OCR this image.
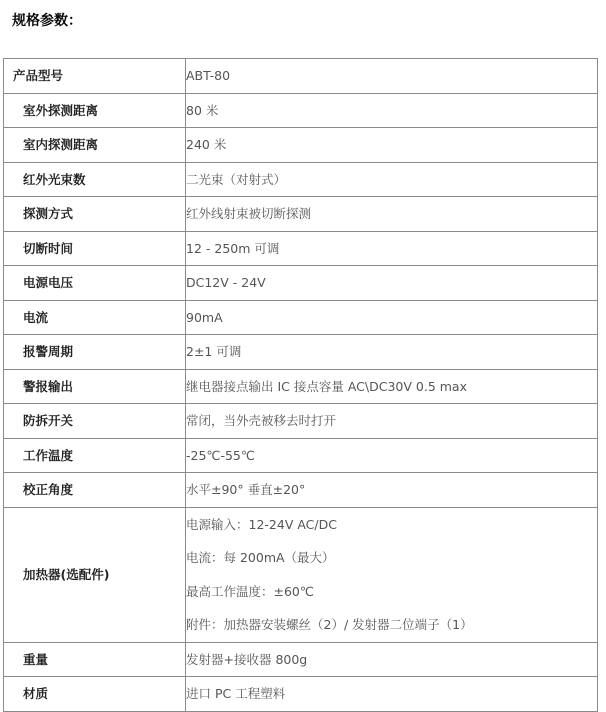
规格参数：
产品型号	ABT-80

室外探测距离	80 米

室内探测距离	240 米

红外光束数	二光束（对射式）

探测方式	红外线射束被切断探测

切断时间	12 - 250m 可调

电源电压	DC12V - 24V

电流	90mA

报警周期	2±1 可调

警报输出	继电器接点输出 IC 接点容量 AC\DC30V 0.5 max

防拆开关	常闭，当外壳被移去时打开

工作温度	-25℃-55℃

校正角度	水平±90° 垂直±20°

加热器(选配件)	电源输入：12-24V AC/DC
电流：每 200mA（最大）
最高工作温度：±60℃
附件：加热器安装螺丝（2）/ 发射器二位端子（1）

重量	发射器+接收器 800g

材质	进口 PC 工程塑料
